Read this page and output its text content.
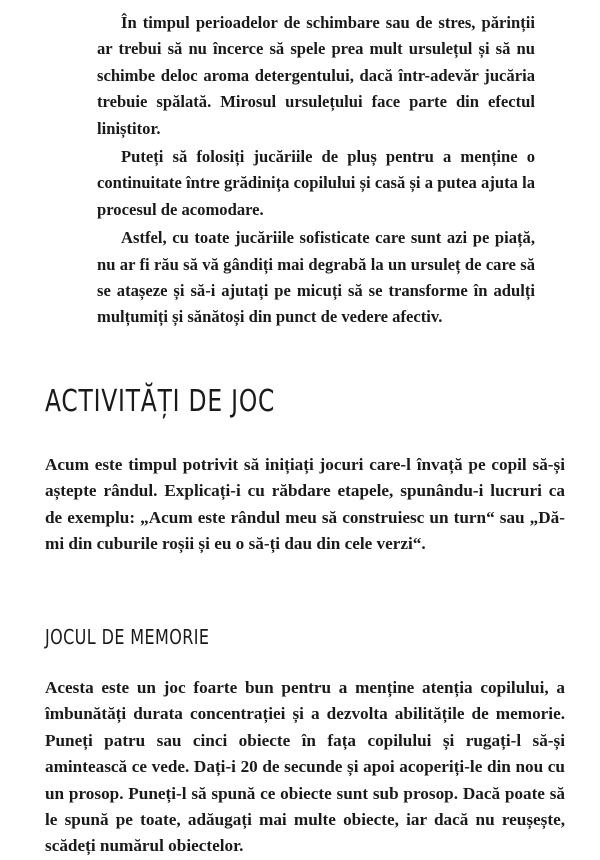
În timpul perioadelor de schimbare sau de stres, părinții ar trebui să nu încerce să spele prea mult ursulețul și să nu schimbe deloc aroma detergentului, dacă într-adevăr jucăria trebuie spălată. Mirosul ursulețului face parte din efectul liniștitor.

Puteți să folosiți jucăriile de pluș pentru a menține o continuitate între grădinița copilului și casă și a putea ajuta la procesul de acomodare.

Astfel, cu toate jucăriile sofisticate care sunt azi pe piață, nu ar fi rău să vă gândiți mai degrabă la un ursuleț de care să se atașeze și să-i ajutați pe micuți să se transforme în adulți mulțumiți și sănătoși din punct de vedere afectiv.

ACTIVITĂȚI DE JOC

Acum este timpul potrivit să inițiați jocuri care-l învață pe copil să-și aștepte rândul. Explicați-i cu răbdare etapele, spunându-i lucruri ca de exemplu: „Acum este rândul meu să construiesc un turn“ sau „Dă-mi din cuburile roșii și eu o să-ți dau din cele verzi“.

JOCUL DE MEMORIE

Acesta este un joc foarte bun pentru a menține atenția copilului, a îmbunătăți durata concentrației și a dezvolta abilitățile de memorie. Puneți patru sau cinci obiecte în fața copilului și rugați-l să-și amintească ce vede. Dați-i 20 de secunde și apoi acoperiți-le din nou cu un prosop. Puneți-l să spună ce obiecte sunt sub prosop. Dacă poate să le spună pe toate, adăugați mai multe obiecte, iar dacă nu reușește, scădeți numărul obiectelor.
